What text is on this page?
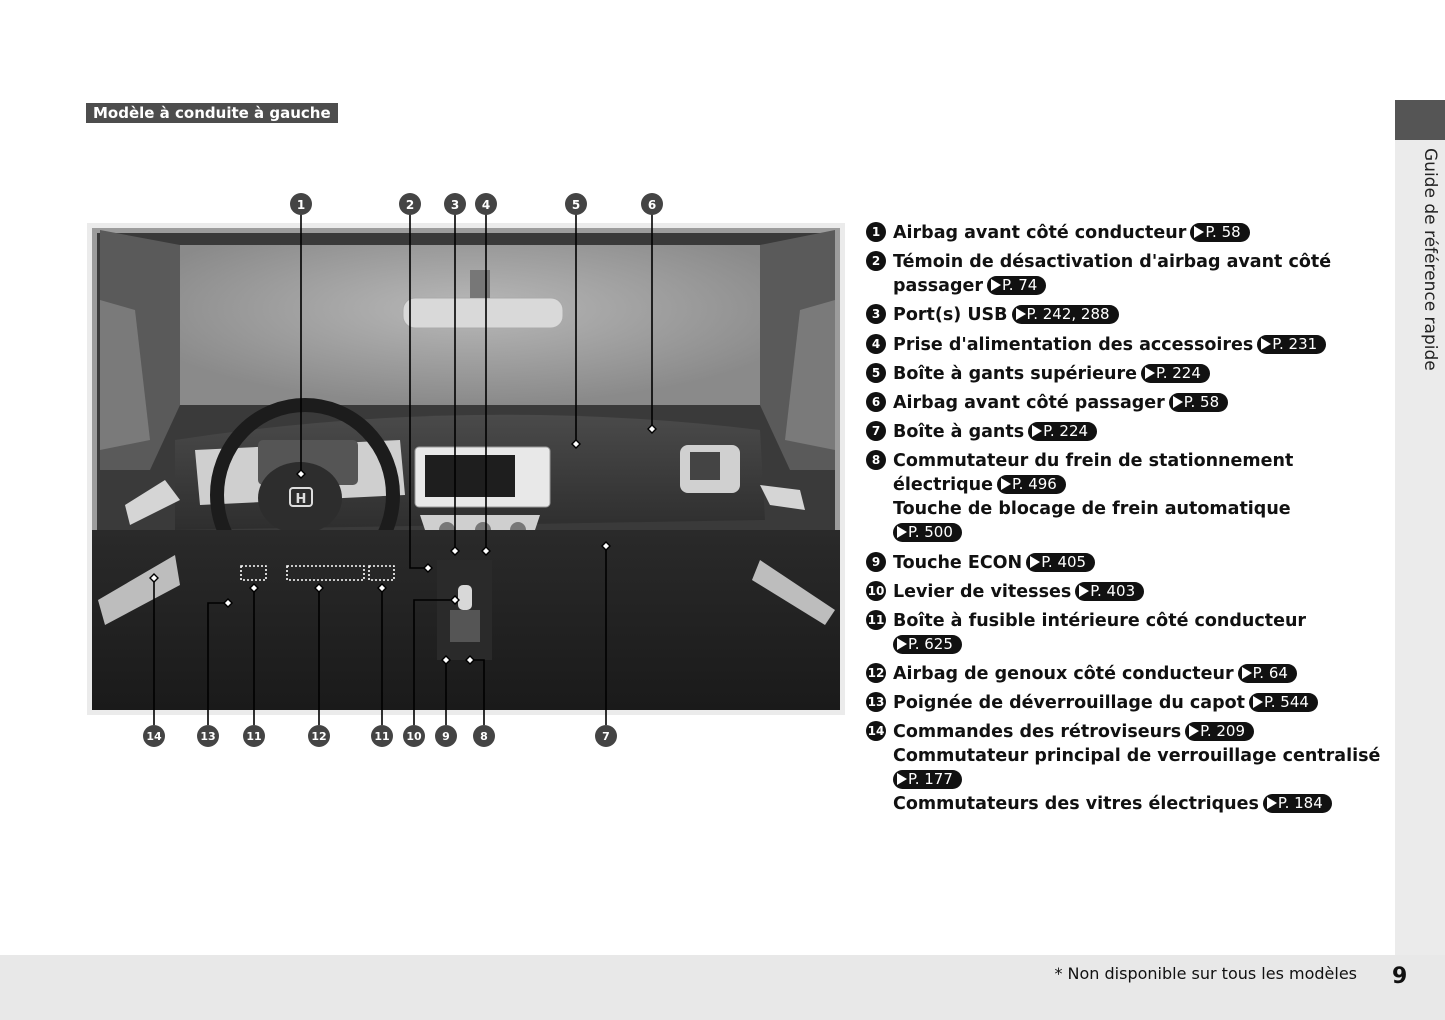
Modèle à conduite à gauche
Guide de référence rapide
* Non disponible sur tous les modèles 9
H
1	2	3 4	5	6
14	13	11	12	11 10 9	8	7
1 Airbag avant côté conducteur P. 58
2 Témoin de désactivation d'airbag avant côté
passager P. 74
3 Port(s) USB P. 242, 288
4 Prise d'alimentation des accessoires P. 231
5 Boîte à gants supérieure P. 224
6 Airbag avant côté passager P. 58
7 Boîte à gants P. 224
8 Commutateur du frein de stationnement
électrique P. 496
Touche de blocage de frein automatique
P. 500
9 Touche ECON P. 405
10 Levier de vitesses P. 403
11 Boîte à fusible intérieure côté conducteur
P. 625
12 Airbag de genoux côté conducteur P. 64
13 Poignée de déverrouillage du capot P. 544
14 Commandes des rétroviseurs P. 209
Commutateur principal de verrouillage centralisé
P. 177
Commutateurs des vitres électriques P. 184
